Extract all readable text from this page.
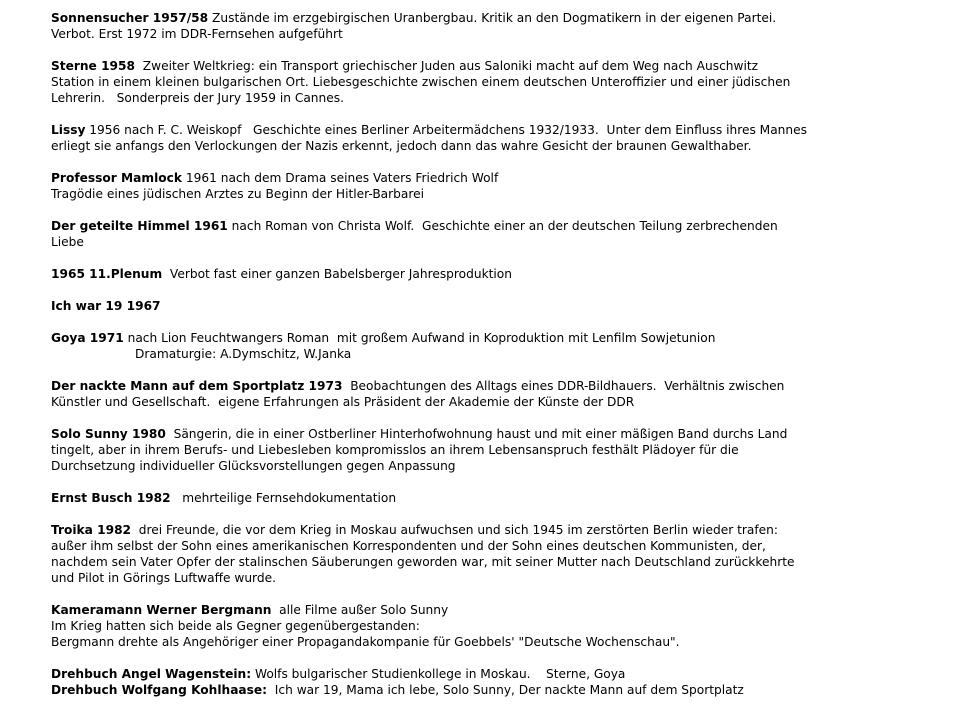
Sonnensucher 1957/58 Zustände im erzgebirgischen Uranbergbau. Kritik an den Dogmatikern in der eigenen Partei.
Verbot. Erst 1972 im DDR-Fernsehen aufgeführt
Sterne 1958  Zweiter Weltkrieg: ein Transport griechischer Juden aus Saloniki macht auf dem Weg nach Auschwitz
Station in einem kleinen bulgarischen Ort. Liebesgeschichte zwischen einem deutschen Unteroffizier und einer jüdischen
Lehrerin.   Sonderpreis der Jury 1959 in Cannes.
Lissy 1956 nach F. C. Weiskopf   Geschichte eines Berliner Arbeitermädchens 1932/1933.  Unter dem Einfluss ihres Mannes
erliegt sie anfangs den Verlockungen der Nazis erkennt, jedoch dann das wahre Gesicht der braunen Gewalthaber.
Professor Mamlock 1961 nach dem Drama seines Vaters Friedrich Wolf
Tragödie eines jüdischen Arztes zu Beginn der Hitler-Barbarei
Der geteilte Himmel 1961 nach Roman von Christa Wolf.  Geschichte einer an der deutschen Teilung zerbrechenden
Liebe
1965 11.Plenum  Verbot fast einer ganzen Babelsberger Jahresproduktion
Ich war 19 1967
Goya 1971 nach Lion Feuchtwangers Roman  mit großem Aufwand in Koproduktion mit Lenfilm Sowjetunion
Dramaturgie: A.Dymschitz, W.Janka
Der nackte Mann auf dem Sportplatz 1973  Beobachtungen des Alltags eines DDR-Bildhauers.  Verhältnis zwischen
Künstler und Gesellschaft.  eigene Erfahrungen als Präsident der Akademie der Künste der DDR
Solo Sunny 1980  Sängerin, die in einer Ostberliner Hinterhofwohnung haust und mit einer mäßigen Band durchs Land
tingelt, aber in ihrem Berufs- und Liebesleben kompromisslos an ihrem Lebensanspruch festhält Plädoyer für die
Durchsetzung individueller Glücksvorstellungen gegen Anpassung
Ernst Busch 1982   mehrteilige Fernsehdokumentation
Troika 1982  drei Freunde, die vor dem Krieg in Moskau aufwuchsen und sich 1945 im zerstörten Berlin wieder trafen:
außer ihm selbst der Sohn eines amerikanischen Korrespondenten und der Sohn eines deutschen Kommunisten, der,
nachdem sein Vater Opfer der stalinschen Säuberungen geworden war, mit seiner Mutter nach Deutschland zurückkehrte
und Pilot in Görings Luftwaffe wurde.
Kameramann Werner Bergmann  alle Filme außer Solo Sunny
Im Krieg hatten sich beide als Gegner gegenübergestanden:
Bergmann drehte als Angehöriger einer Propagandakompanie für Goebbels' "Deutsche Wochenschau".
Drehbuch Angel Wagenstein: Wolfs bulgarischer Studienkollege in Moskau.    Sterne, Goya
Drehbuch Wolfgang Kohlhaase:  Ich war 19, Mama ich lebe, Solo Sunny, Der nackte Mann auf dem Sportplatz
